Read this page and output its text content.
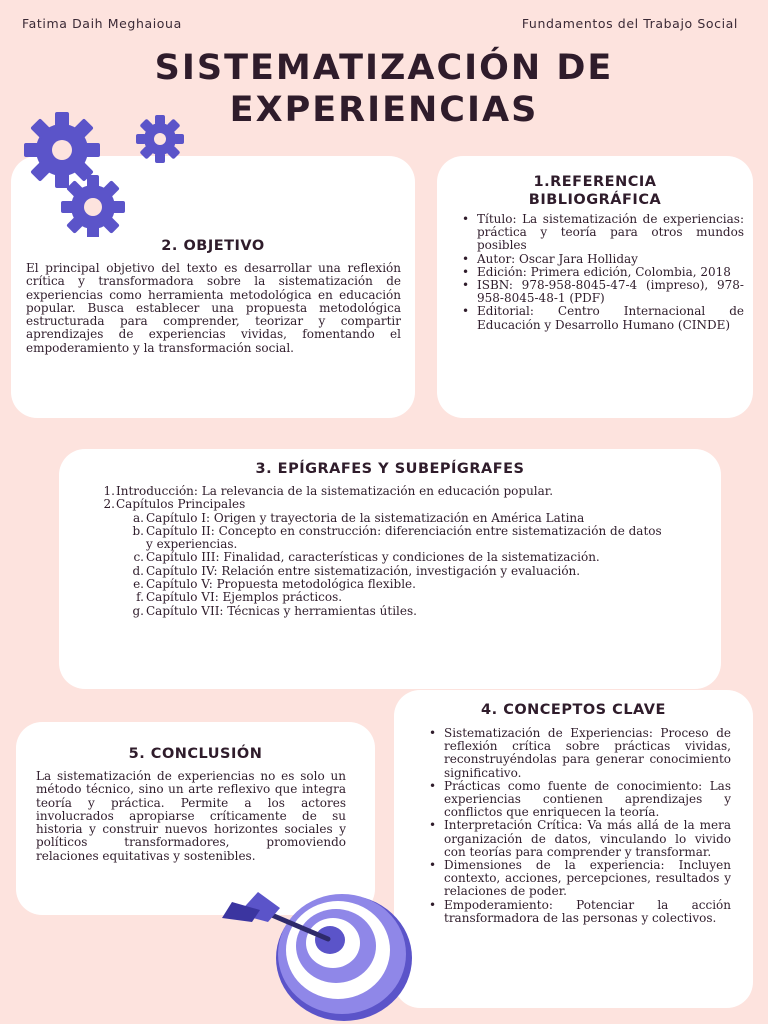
Fatima Daih Meghaioua	Fundamentos del Trabajo Social
SISTEMATIZACIÓN DE
EXPERIENCIAS
2. OBJETIVO

El principal objetivo del texto es desarrollar una reflexión crítica y transformadora sobre la sistematización de experiencias como herramienta metodológica en educación popular. Busca establecer una propuesta metodológica estructurada para comprender, teorizar y compartir aprendizajes de experiencias vividas, fomentando el empoderamiento y la transformación social.

1.REFERENCIA BIBLIOGRÁFICA
• Título: La sistematización de experiencias: práctica y teoría para otros mundos posibles
• Autor: Oscar Jara Holliday
• Edición: Primera edición, Colombia, 2018
• ISBN: 978-958-8045-47-4 (impreso), 978-958-8045-48-1 (PDF)
• Editorial: Centro Internacional de Educación y Desarrollo Humano (CINDE)
3. EPÍGRAFES Y SUBEPÍGRAFES
1. Introducción: La relevancia de la sistematización en educación popular.
2. Capítulos Principales
a. Capítulo I: Origen y trayectoria de la sistematización en América Latina
b. Capítulo II: Concepto en construcción: diferenciación entre sistematización de datos y experiencias.
c. Capítulo III: Finalidad, características y condiciones de la sistematización.
d. Capítulo IV: Relación entre sistematización, investigación y evaluación.
e. Capítulo V: Propuesta metodológica flexible.
f. Capítulo VI: Ejemplos prácticos.
g. Capítulo VII: Técnicas y herramientas útiles.
4. CONCEPTOS CLAVE
• Sistematización de Experiencias: Proceso de reflexión crítica sobre prácticas vividas, reconstruyéndolas para generar conocimiento significativo.
• Prácticas como fuente de conocimiento: Las experiencias contienen aprendizajes y conflictos que enriquecen la teoría.
• Interpretación Crítica: Va más allá de la mera organización de datos, vinculando lo vivido con teorías para comprender y transformar.
• Dimensiones de la experiencia: Incluyen contexto, acciones, percepciones, resultados y relaciones de poder.
• Empoderamiento: Potenciar la acción transformadora de las personas y colectivos.
5. CONCLUSIÓN

La sistematización de experiencias no es solo un método técnico, sino un arte reflexivo que integra teoría y práctica. Permite a los actores involucrados apropiarse críticamente de su historia y construir nuevos horizontes sociales y políticos transformadores, promoviendo relaciones equitativas y sostenibles.
